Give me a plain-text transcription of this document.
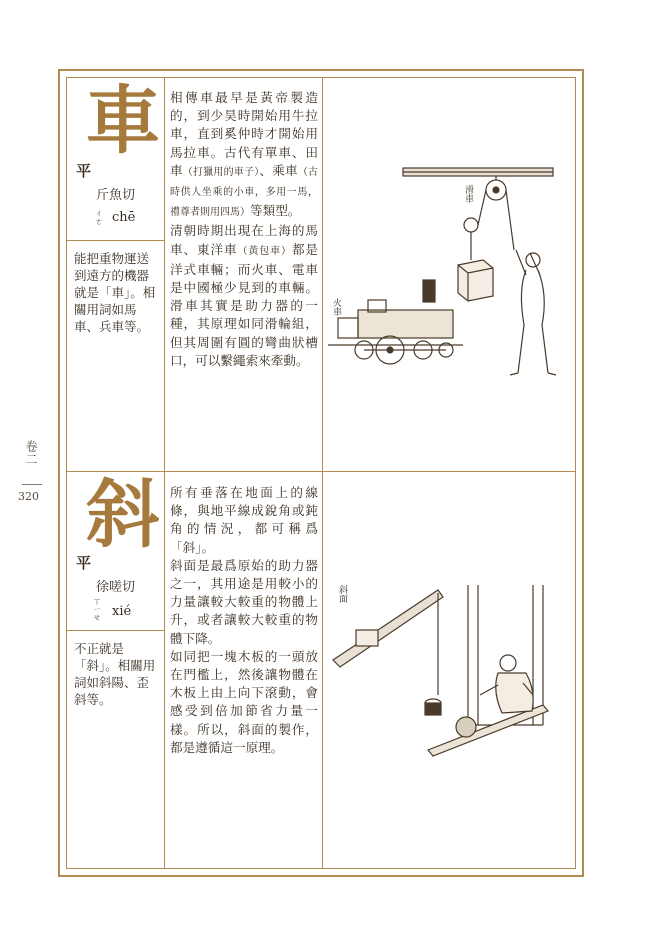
卷二
320
車
平
斤魚切
ㄔㄜ chē
能把重物運送到遠方的機器就是「車」。相關用詞如馬車、兵車等。
相傳車最早是黃帝製造的，到少昊時開始用牛拉車，直到奚仲時才開始用馬拉車。古代有單車、田車（打獵用的車子）、乘車（古時供人坐乘的小車，多用一馬，禮尊者則用四馬）等類型。
清朝時期出現在上海的馬車、東洋車（黃包車）都是洋式車輛；而火車、電車是中國極少見到的車輛。滑車其實是助力器的一種，其原理如同滑輪組，但其周圍有圓的彎曲狀槽口，可以繫繩索來牽動。
滑車
火車
斜
平
徐嗟切
ㄒㄧㄝ xié
不正就是「斜」。相關用詞如斜陽、歪斜等。
所有垂落在地面上的線條，與地平線成銳角或鈍角的情況，都可稱爲「斜」。
斜面是最爲原始的助力器之一，其用途是用較小的力量讓較大較重的物體上升，或者讓較大較重的物體下降。
如同把一塊木板的一頭放在門檻上，然後讓物體在木板上由上向下滾動，會感受到倍加節省力量一樣。所以，斜面的製作，都是遵循這一原理。
斜面
